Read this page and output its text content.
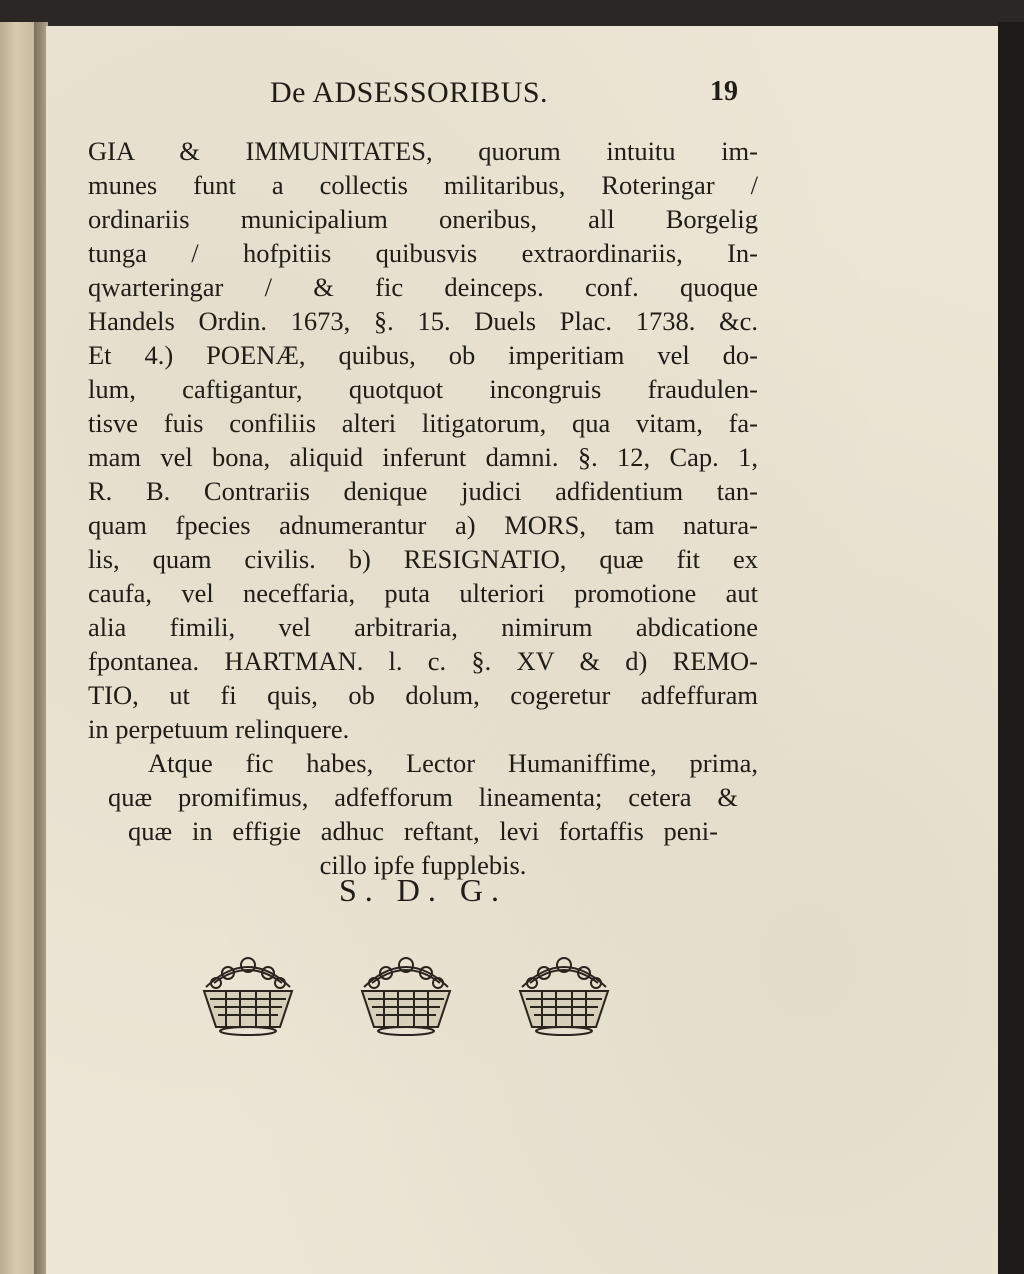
De ADSESSORIBUS.	19
GIA & IMMUNITATES, quorum intuitu im-
munes funt a collectis militaribus, Roteringar /
ordinariis municipalium oneribus, all Borgelig
tunga / hofpitiis quibusvis extraordinariis, In-
qwarteringar / & fic deinceps. conf. quoque
Handels Ordin. 1673, §. 15. Duels Plac. 1738. &c.
Et 4.) POENÆ, quibus, ob imperitiam vel do-
lum, caftigantur, quotquot incongruis fraudulen-
tisve fuis confiliis alteri litigatorum, qua vitam, fa-
mam vel bona, aliquid inferunt damni. §. 12, Cap. 1,
R. B. Contrariis denique judici adfidentium tan-
quam fpecies adnumerantur a) MORS, tam natura-
lis, quam civilis. b) RESIGNATIO, quæ fit ex
caufa, vel neceffaria, puta ulteriori promotione aut
alia fimili, vel arbitraria, nimirum abdicatione
fpontanea. HARTMAN. l. c. §. XV & d) REMO-
TIO, ut fi quis, ob dolum, cogeretur adfeffuram
in perpetuum relinquere.
Atque fic habes, Lector Humaniffime, prima,
quæ promifimus, adfefforum lineamenta; cetera &
quæ in effigie adhuc reftant, levi fortaffis peni-
cillo ipfe fupplebis.
S. D. G.
